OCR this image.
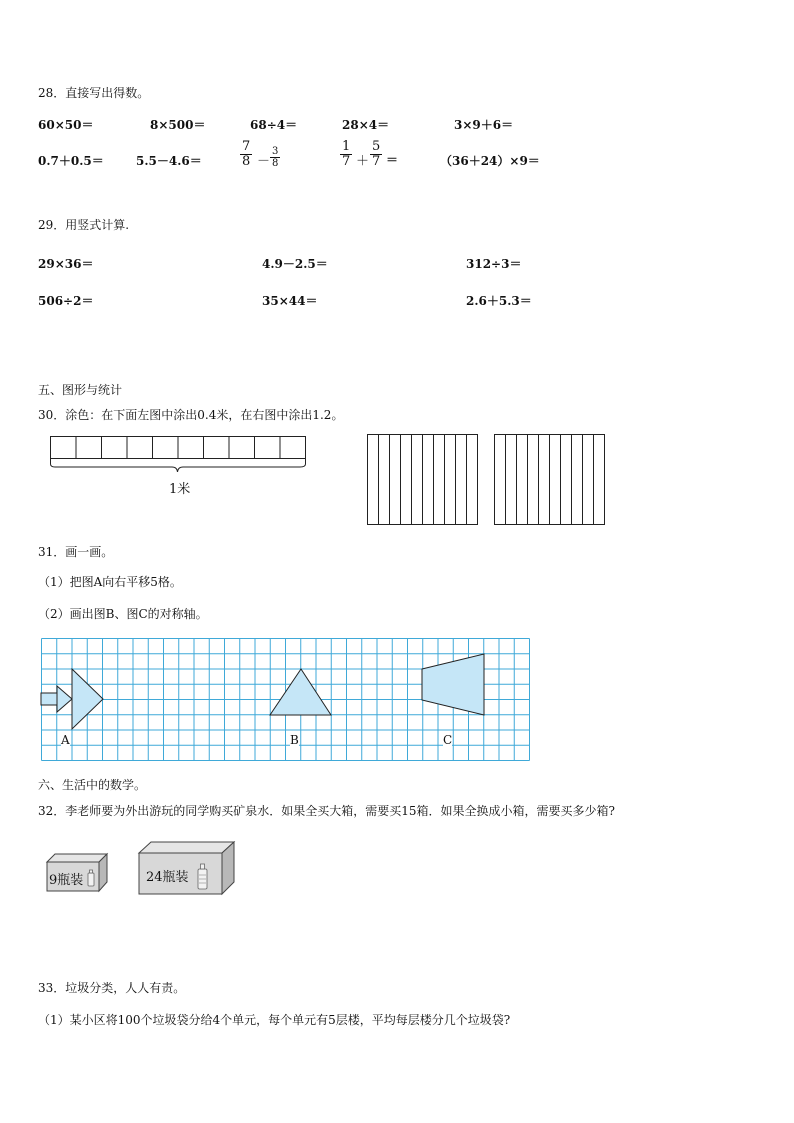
28．直接写出得数。
60×50＝	8×500＝	68÷4＝	28×4＝	3×9＋6＝
0.7＋0.5＝	5.5－4.6＝	$\frac{7}{8} - \frac{3}{8}$	$\frac{1}{7} + \frac{5}{7}$ ＝	（36＋24）×9＝
29．用竖式计算.
29×36＝	4.9－2.5＝	312÷3＝
506÷2＝	35×44＝	2.6＋5.3＝
五、图形与统计
30．涂色：在下面左图中涂出0.4米，在右图中涂出1.2。
1米
31．画一画。
（1）把图A向右平移5格。
（2）画出图B、图C的对称轴。
A	B	C
六、生活中的数学。
32．李老师要为外出游玩的同学购买矿泉水．如果全买大箱，需要买15箱．如果全换成小箱，需要买多少箱?
9瓶装	24瓶装
33．垃圾分类，人人有责。
（1）某小区将100个垃圾袋分给4个单元，每个单元有5层楼，平均每层楼分几个垃圾袋?
